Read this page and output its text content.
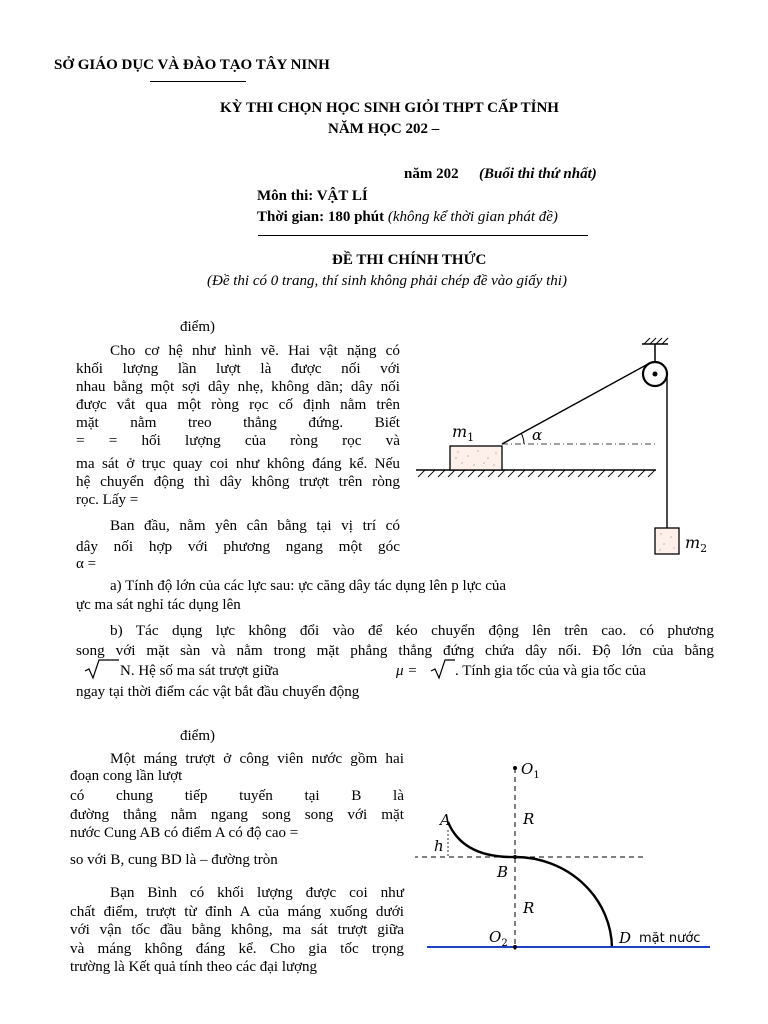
SỞ GIÁO DỤC VÀ ĐÀO TẠO TÂY NINH
KỲ THI CHỌN HỌC SINH GIỎI THPT CẤP TỈNH
NĂM HỌC 202 –
năm 202 (Buổi thi thứ nhất)
Môn thi: VẬT LÍ
Thời gian: 180 phút (không kể thời gian phát đề)
ĐỀ THI CHÍNH THỨC
(Đề thi có 0 trang, thí sinh không phải chép đề vào giấy thi)
điểm)
Cho cơ hệ như hình vẽ. Hai vật nặng có
khối lượng lần lượt là được nối với
nhau bằng một sợi dây nhẹ, không dãn; dây nối
được vắt qua một ròng rọc cố định nằm trên
mặt nằm treo thẳng đứng. Biết
= = hối lượng của ròng rọc và
ma sát ở trục quay coi như không đáng kể. Nếu
hệ chuyển động thì dây không trượt trên ròng
rọc. Lấy =
Ban đầu, nằm yên cân bằng tại vị trí có
dây nối hợp với phương ngang một góc
α =
a) Tính độ lớn của các lực sau: ực căng dây tác dụng lên p lực của
ực ma sát nghỉ tác dụng lên
b) Tác dụng lực không đổi vào để kéo chuyển động lên trên cao. có phương
song với mặt sàn và nằm trong mặt phẳng thẳng đứng chứa dây nối. Độ lớn của bằng
N. Hệ số ma sát trượt giữa	μ =	. Tính gia tốc của và gia tốc của
ngay tại thời điểm các vật bắt đầu chuyển động
α
$m_1$
$m_2$
điểm)
Một máng trượt ở công viên nước gồm hai
đoạn cong lần lượt
có chung tiếp tuyến tại B là
đường thẳng nằm ngang song song với mặt
nước Cung AB có điểm A có độ cao =
so với B, cung BD là – đường tròn
Bạn Bình có khối lượng được coi như
chất điểm, trượt từ đỉnh A của máng xuống dưới
với vận tốc đầu bằng không, ma sát trượt giữa
và máng không đáng kể. Cho gia tốc trọng
trường là Kết quả tính theo các đại lượng
$O_1$
h
A
B
R
R
$O_2$	D mặt nước
